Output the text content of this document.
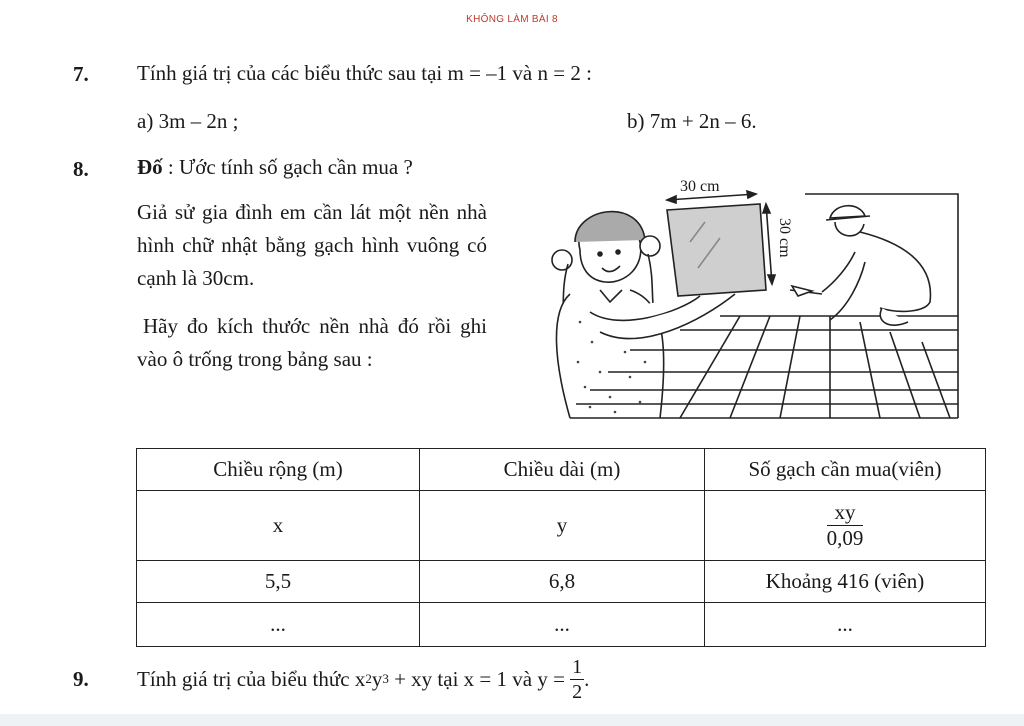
KHÔNG LÀM BÀI 8
7. Tính giá trị của các biểu thức sau tại m = –1 và n = 2 :
a) 3m – 2n ;	b) 7m + 2n – 6.
8. Đố : Ước tính số gạch cần mua ?
Giả sử gia đình em cần lát một nền nhà hình chữ nhật bằng gạch hình vuông có cạnh là 30cm.
Hãy đo kích thước nền nhà đó rồi ghi vào ô trống trong bảng sau :
30 cm
30 cm
Chiều rộng (m)	Chiều dài (m)	Số gạch cần mua(viên)
x	y	$\frac{xy}{0,09}$

5,5	6,8	Khoảng 416 (viên)
...	...	...
9. Tính giá trị của biểu thức x 2 y 3 + xy tại x = 1 và $y = \frac{1}{2}$ .
